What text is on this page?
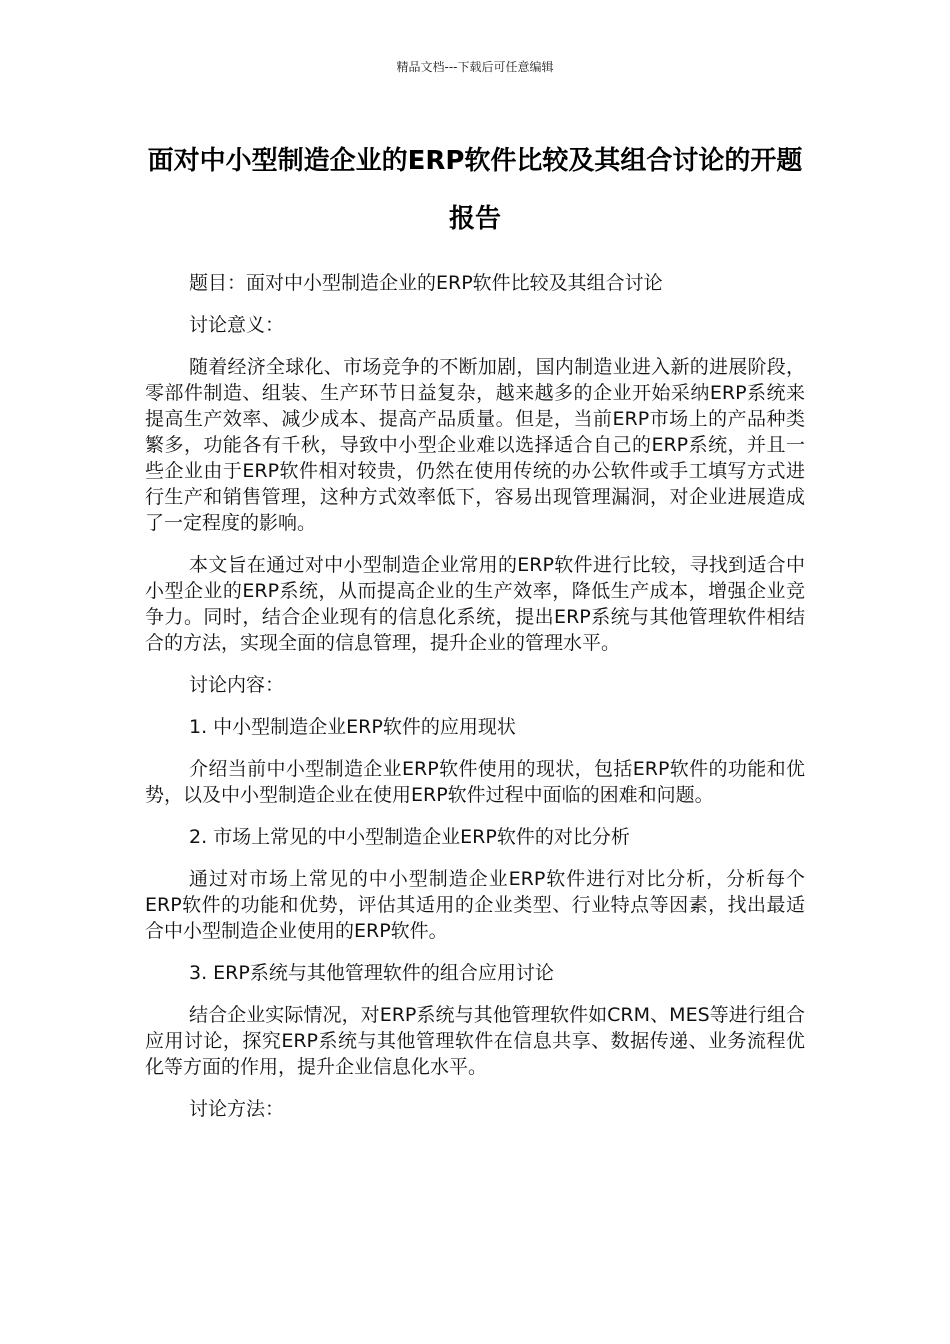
精品文档---下载后可任意编辑
面对中小型制造企业的ERP软件比较及其组合讨论的开题报告

题目：面对中小型制造企业的ERP软件比较及其组合讨论

讨论意义：

随着经济全球化、市场竞争的不断加剧，国内制造业进入新的进展阶段，零部件制造、组装、生产环节日益复杂，越来越多的企业开始采纳ERP系统来提高生产效率、减少成本、提高产品质量。但是，当前ERP市场上的产品种类繁多，功能各有千秋，导致中小型企业难以选择适合自己的ERP系统，并且一些企业由于ERP软件相对较贵，仍然在使用传统的办公软件或手工填写方式进行生产和销售管理，这种方式效率低下，容易出现管理漏洞，对企业进展造成了一定程度的影响。

本文旨在通过对中小型制造企业常用的ERP软件进行比较，寻找到适合中小型企业的ERP系统，从而提高企业的生产效率，降低生产成本，增强企业竞争力。同时，结合企业现有的信息化系统，提出ERP系统与其他管理软件相结合的方法，实现全面的信息管理，提升企业的管理水平。

讨论内容：

1. 中小型制造企业ERP软件的应用现状

介绍当前中小型制造企业ERP软件使用的现状，包括ERP软件的功能和优势，以及中小型制造企业在使用ERP软件过程中面临的困难和问题。

2. 市场上常见的中小型制造企业ERP软件的对比分析

通过对市场上常见的中小型制造企业ERP软件进行对比分析，分析每个ERP软件的功能和优势，评估其适用的企业类型、行业特点等因素，找出最适合中小型制造企业使用的ERP软件。

3. ERP系统与其他管理软件的组合应用讨论

结合企业实际情况，对ERP系统与其他管理软件如CRM、MES等进行组合应用讨论，探究ERP系统与其他管理软件在信息共享、数据传递、业务流程优化等方面的作用，提升企业信息化水平。

讨论方法：
